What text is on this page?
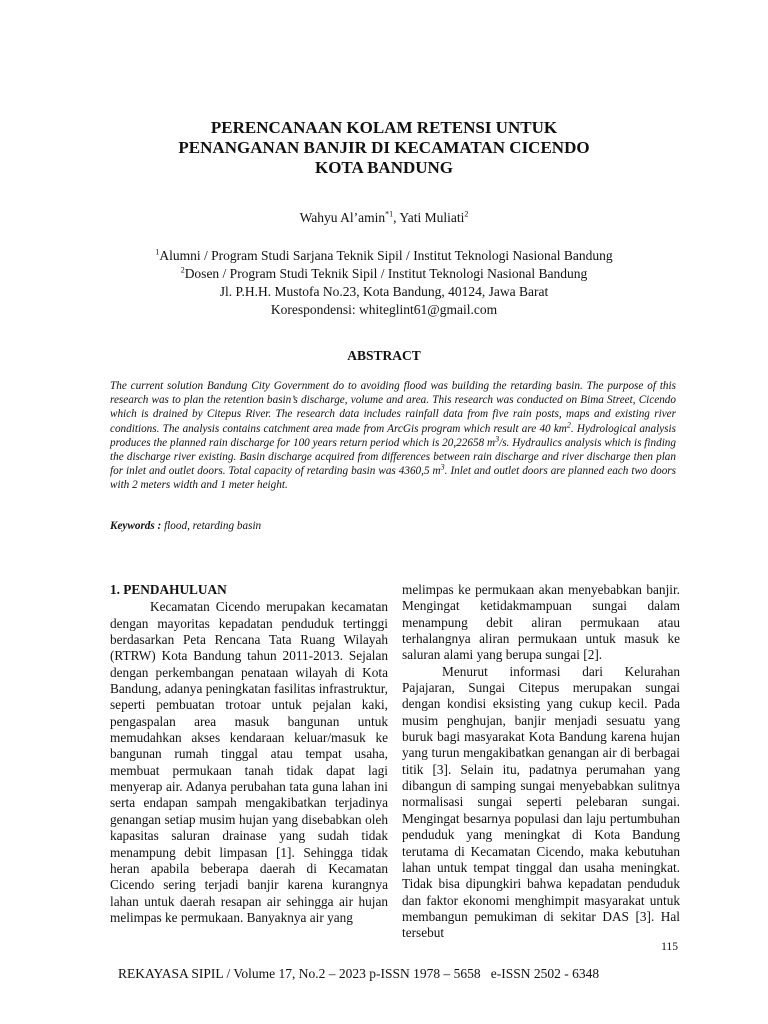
PERENCANAAN KOLAM RETENSI UNTUK
PENANGANAN BANJIR DI KECAMATAN CICENDO
KOTA BANDUNG
Wahyu Al’amin$^{*1}$, Yati Muliati$^2$
$^1$Alumni / Program Studi Sarjana Teknik Sipil / Institut Teknologi Nasional Bandung
$^2$Dosen / Program Studi Teknik Sipil / Institut Teknologi Nasional Bandung
Jl. P.H.H. Mustofa No.23, Kota Bandung, 40124, Jawa Barat
Korespondensi: whiteglint61@gmail.com
ABSTRACT
The current solution Bandung City Government do to avoiding flood was building the retarding basin. The purpose of this research was to plan the retention basin’s discharge, volume and area. This research was conducted on Bima Street, Cicendo which is drained by Citepus River. The research data includes rainfall data from five rain posts, maps and existing river conditions. The analysis contains catchment area made from ArcGis program which result are 40 $km^2$. Hydrological analysis produces the planned rain discharge for 100 years return period which is 20,22658 $m^3/s$. Hydraulics analysis which is finding the discharge river existing. Basin discharge acquired from differences between rain discharge and river discharge then plan for inlet and outlet doors. Total capacity of retarding basin was 4360,5 $m^3$. Inlet and outlet doors are planned each two doors with 2 meters width and 1 meter height.
Keywords : flood, retarding basin
1. PENDAHULUAN

Kecamatan Cicendo merupakan kecamatan dengan mayoritas kepadatan penduduk tertinggi berdasarkan Peta Rencana Tata Ruang Wilayah (RTRW) Kota Bandung tahun 2011-2013. Sejalan dengan perkembangan penataan wilayah di Kota Bandung, adanya peningkatan fasilitas infrastruktur, seperti pembuatan trotoar untuk pejalan kaki, pengaspalan area masuk bangunan untuk memudahkan akses kendaraan keluar/masuk ke bangunan rumah tinggal atau tempat usaha, membuat permukaan tanah tidak dapat lagi menyerap air. Adanya perubahan tata guna lahan ini serta endapan sampah mengakibatkan terjadinya genangan setiap musim hujan yang disebabkan oleh kapasitas saluran drainase yang sudah tidak menampung debit limpasan [1]. Sehingga tidak heran apabila beberapa daerah di Kecamatan Cicendo sering terjadi banjir karena kurangnya lahan untuk daerah resapan air sehingga air hujan melimpas ke permukaan. Banyaknya air yang

melimpas ke permukaan akan menyebabkan banjir. Mengingat ketidakmampuan sungai dalam menampung debit aliran permukaan atau terhalangnya aliran permukaan untuk masuk ke saluran alami yang berupa sungai [2].

Menurut informasi dari Kelurahan Pajajaran, Sungai Citepus merupakan sungai dengan kondisi eksisting yang cukup kecil. Pada musim penghujan, banjir menjadi sesuatu yang buruk bagi masyarakat Kota Bandung karena hujan yang turun mengakibatkan genangan air di berbagai titik [3]. Selain itu, padatnya perumahan yang dibangun di samping sungai menyebabkan sulitnya normalisasi sungai seperti pelebaran sungai. Mengingat besarnya populasi dan laju pertumbuhan penduduk yang meningkat di Kota Bandung terutama di Kecamatan Cicendo, maka kebutuhan lahan untuk tempat tinggal dan usaha meningkat. Tidak bisa dipungkiri bahwa kepadatan penduduk dan faktor ekonomi menghimpit masyarakat untuk membangun pemukiman di sekitar DAS [3]. Hal tersebut

115
REKAYASA SIPIL / Volume 17, No.2 – 2023 p-ISSN 1978 – 5658 e-ISSN 2502 - 6348
